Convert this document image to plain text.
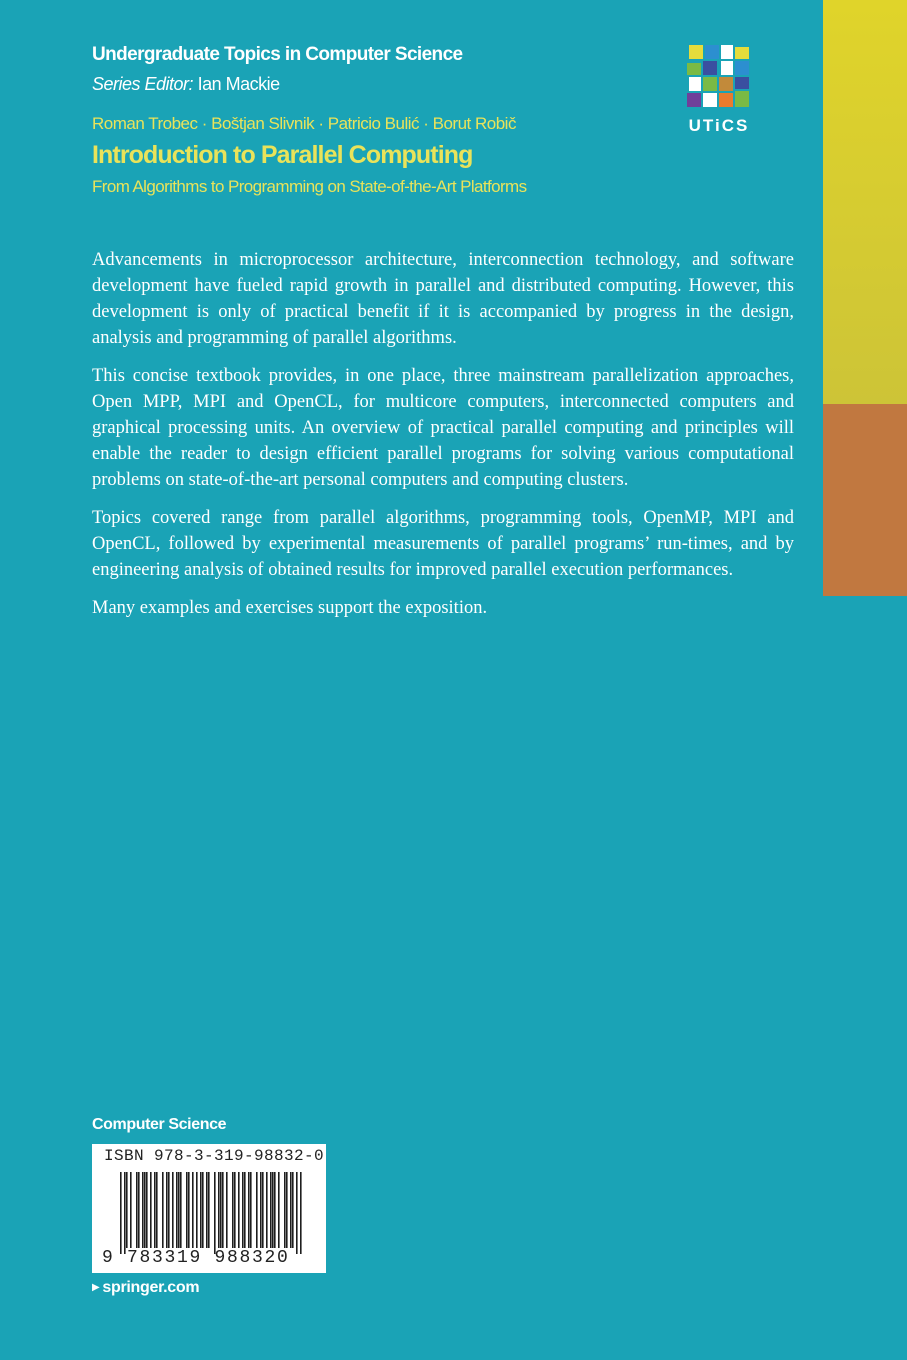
Undergraduate Topics in Computer Science
Series Editor: Ian Mackie
UTiCS
Roman Trobec · Boštjan Slivnik · Patricio Bulić · Borut Robič
Introduction to Parallel Computing
From Algorithms to Programming on State-of-the-Art Platforms

Advancements in microprocessor architecture, interconnection technology, and software development have fueled rapid growth in parallel and distributed computing. However, this development is only of practical benefit if it is accompanied by progress in the design, analysis and programming of parallel algorithms.

This concise textbook provides, in one place, three mainstream parallelization approaches, Open MPP, MPI and OpenCL, for multicore computers, interconnected computers and graphical processing units. An overview of practical parallel computing and principles will enable the reader to design efficient parallel programs for solving various computational problems on state-of-the-art personal computers and computing clusters.

Topics covered range from parallel algorithms, programming tools, OpenMP, MPI and OpenCL, followed by experimental measurements of parallel programs’ run-times, and by engineering analysis of obtained results for improved parallel execution performances.

Many examples and exercises support the exposition.

Computer Science
ISBN 978-3-319-98832-0
9 783319 988320
▶ springer.com
